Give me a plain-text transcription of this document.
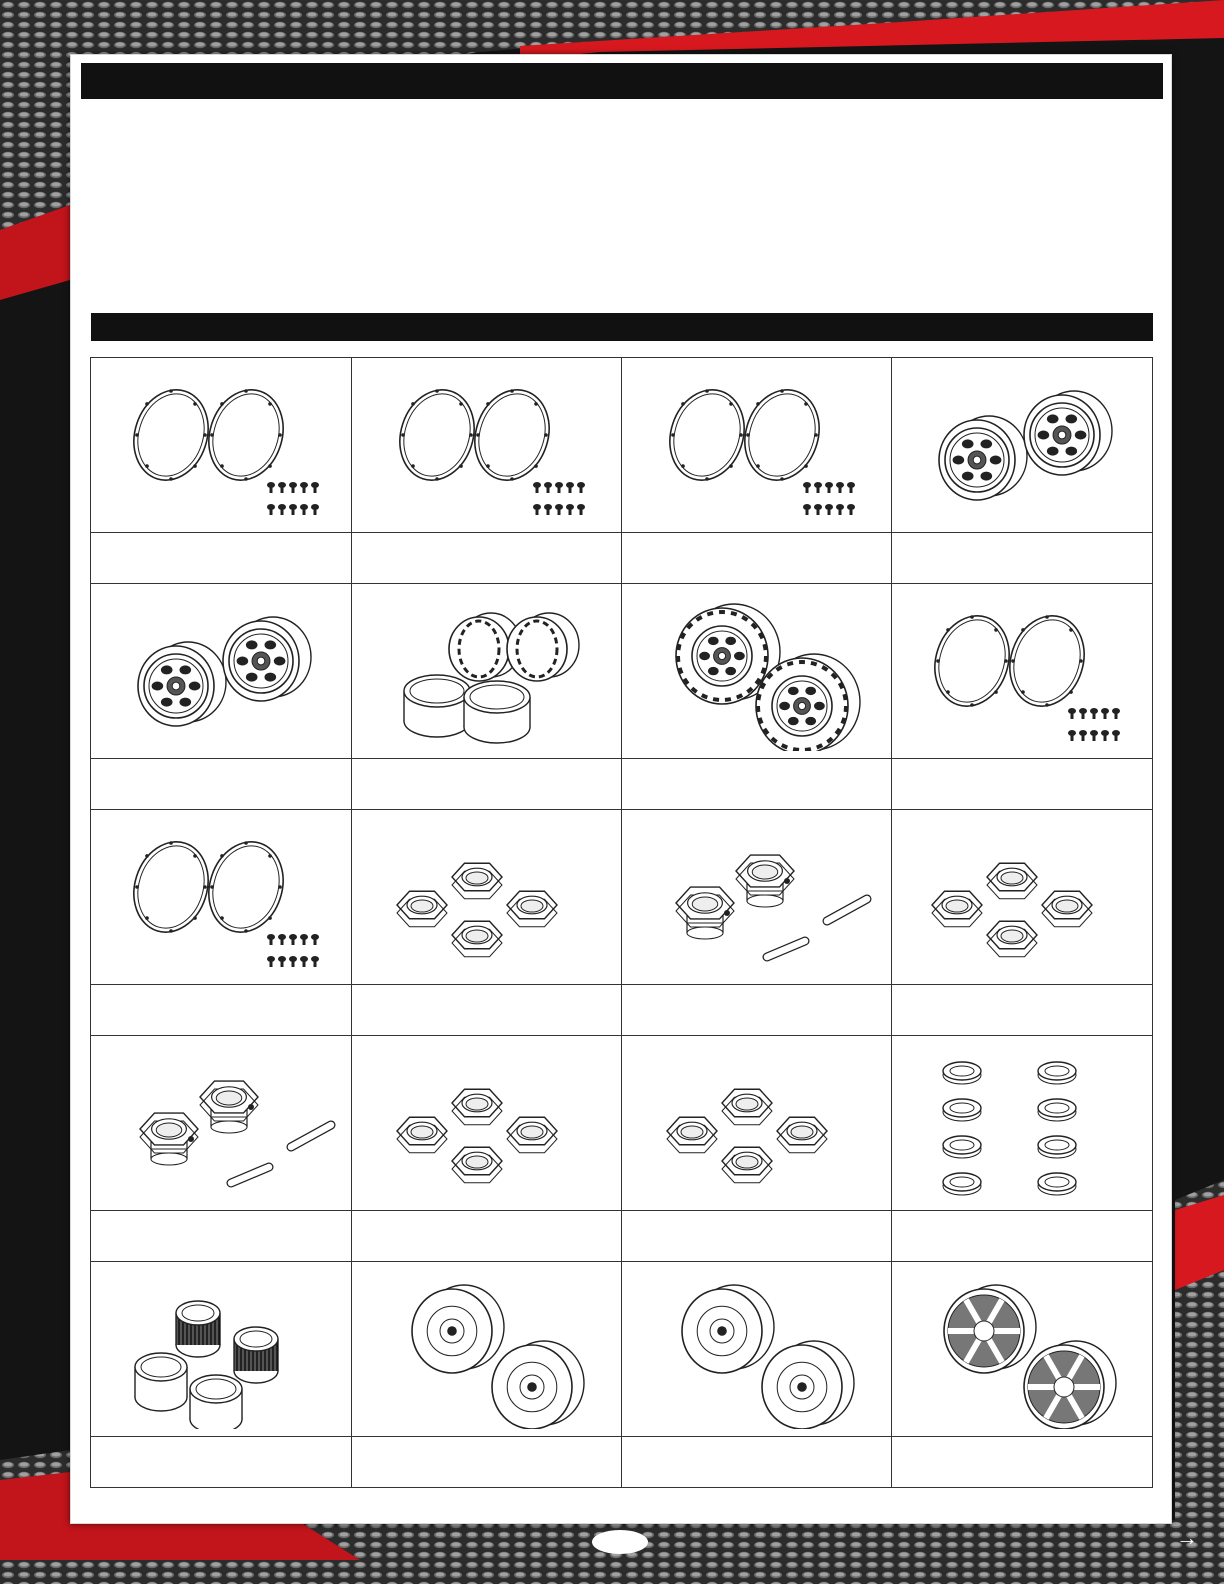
→
